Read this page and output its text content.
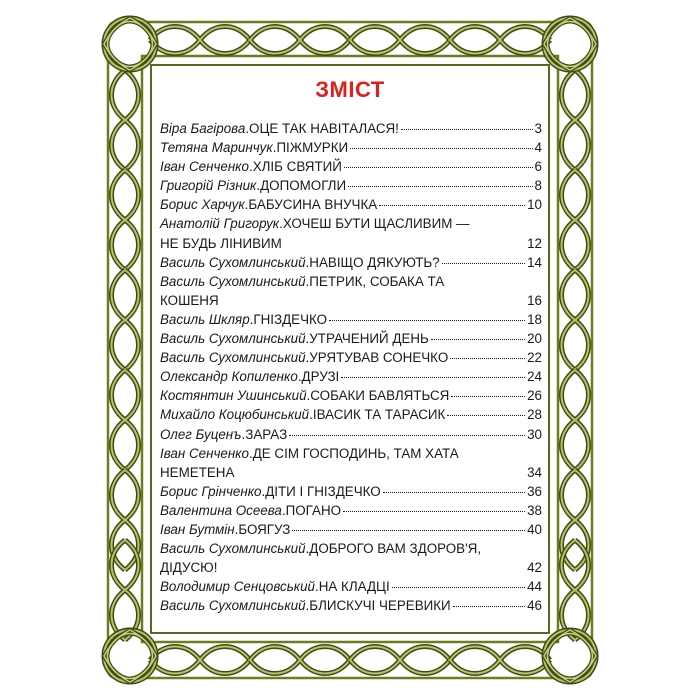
ЗМІСТ
Віра Багірова . ОЦЕ ТАК НАВІТАЛАСЯ!	3
Тетяна Маринчук . ПІЖМУРКИ	4
Іван Сенченко . ХЛІБ СВЯТИЙ	6
Григорій Різник . ДОПОМОГЛИ	8
Борис Харчук . БАБУСИНА ВНУЧКА	10
Анатолій Григорук . ХОЧЕШ БУТИ ЩАСЛИВИМ —
НЕ БУДЬ ЛІНИВИМ	12
Василь Сухомлинський . НАВІЩО ДЯКУЮТЬ?	14
Василь Сухомлинський . ПЕТРИК, СОБАКА ТА
КОШЕНЯ	16
Василь Шкляр . ГНІЗДЕЧКО	18
Василь Сухомлинський . УТРАЧЕНИЙ ДЕНЬ	20
Василь Сухомлинський . УРЯТУВАВ СОНЕЧКО	22
Олександр Копиленко . ДРУЗІ	24
Костянтин Ушинський . СОБАКИ БАВЛЯТЬСЯ	26
Михайло Коцюбинський . ІВАСИК ТА ТАРАСИК	28
Олег Буценъ . ЗАРАЗ	30
Іван Сенченко . ДЕ СІМ ГОСПОДИНЬ, ТАМ ХАТА
НЕМЕТЕНА	34
Борис Грінченко . ДІТИ І ГНІЗДЕЧКО	36
Валентина Осеева . ПОГАНО	38
Іван Бутмін . БОЯГУЗ	40
Василь Сухомлинський . ДОБРОГО ВАМ ЗДОРОВ'Я,
ДІДУСЮ!	42
Володимир Сенцовський . НА КЛАДЦІ	44
Василь Сухомлинський . БЛИСКУЧІ ЧЕРЕВИКИ	46
